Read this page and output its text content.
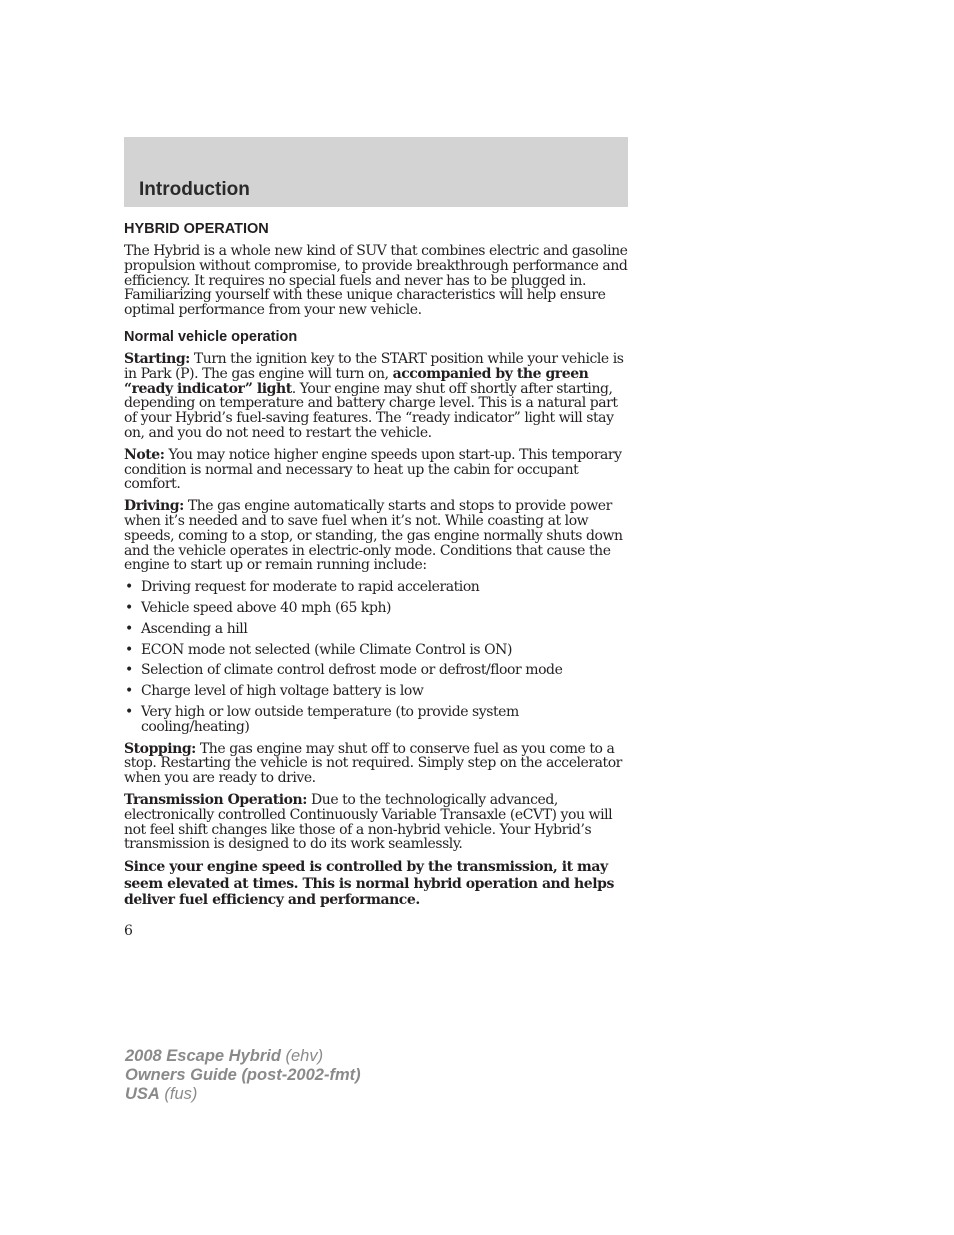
Introduction
HYBRID OPERATION

The Hybrid is a whole new kind of SUV that combines electric and gasoline propulsion without compromise, to provide breakthrough performance and efficiency. It requires no special fuels and never has to be plugged in. Familiarizing yourself with these unique characteristics will help ensure optimal performance from your new vehicle.

Normal vehicle operation

Starting: Turn the ignition key to the START position while your vehicle is in Park (P). The gas engine will turn on, accompanied by the green “ready indicator” light. Your engine may shut off shortly after starting, depending on temperature and battery charge level. This is a natural part of your Hybrid’s fuel-saving features. The “ready indicator” light will stay on, and you do not need to restart the vehicle.

Note: You may notice higher engine speeds upon start-up. This temporary condition is normal and necessary to heat up the cabin for occupant comfort.

Driving: The gas engine automatically starts and stops to provide power when it’s needed and to save fuel when it’s not. While coasting at low speeds, coming to a stop, or standing, the gas engine normally shuts down and the vehicle operates in electric-only mode. Conditions that cause the engine to start up or remain running include:

• Driving request for moderate to rapid acceleration
• Vehicle speed above 40 mph (65 kph)
• Ascending a hill
• ECON mode not selected (while Climate Control is ON)
• Selection of climate control defrost mode or defrost/floor mode
• Charge level of high voltage battery is low
• Very high or low outside temperature (to provide system cooling/heating)

Stopping: The gas engine may shut off to conserve fuel as you come to a stop. Restarting the vehicle is not required. Simply step on the accelerator when you are ready to drive.

Transmission Operation: Due to the technologically advanced, electronically controlled Continuously Variable Transaxle (eCVT) you will not feel shift changes like those of a non-hybrid vehicle. Your Hybrid’s transmission is designed to do its work seamlessly.

Since your engine speed is controlled by the transmission, it may seem elevated at times. This is normal hybrid operation and helps deliver fuel efficiency and performance.

6

2008 Escape Hybrid (ehv)
Owners Guide (post-2002-fmt)
USA (fus)
